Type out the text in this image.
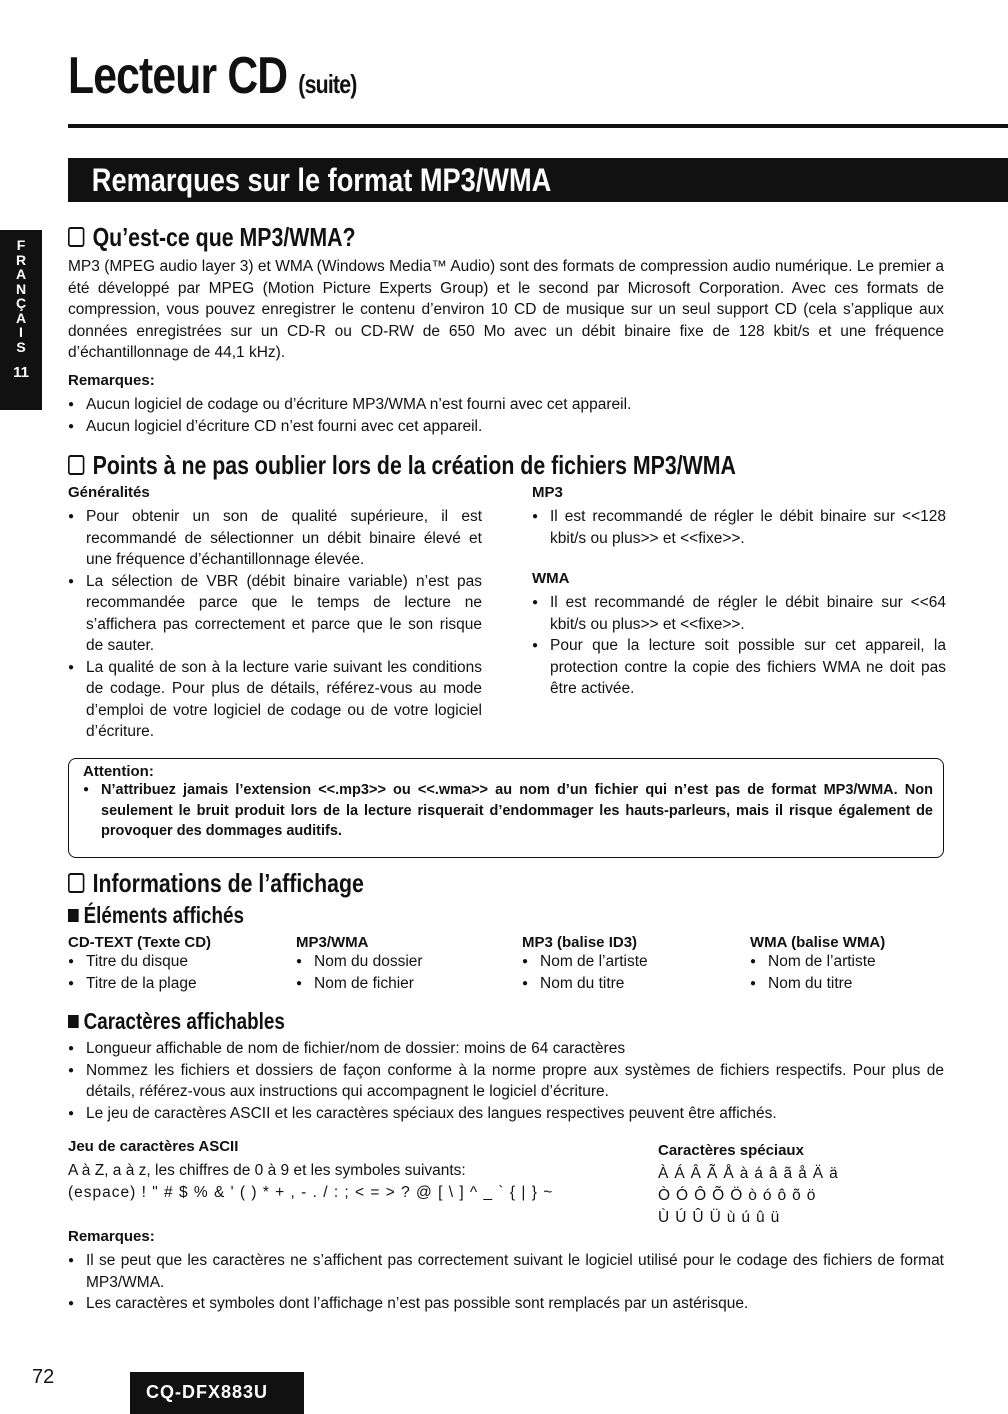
Lecteur CD (suite)
Remarques sur le format MP3/WMA
F
R
A
N
Ç
A
I
S
11
Qu’est-ce que MP3/WMA?
MP3 (MPEG audio layer 3) et WMA (Windows Media™ Audio) sont des formats de compression audio numérique. Le premier a été développé par MPEG (Motion Picture Experts Group) et le second par Microsoft Corporation. Avec ces formats de compression, vous pouvez enregistrer le contenu d’environ 10 CD de musique sur un seul support CD (cela s’applique aux données enregistrées sur un CD-R ou CD-RW de 650 Mo avec un débit binaire fixe de 128 kbit/s et une fréquence d’échantillonnage de 44,1 kHz).
Remarques:
● Aucun logiciel de codage ou d’écriture MP3/WMA n’est fourni avec cet appareil.
● Aucun logiciel d’écriture CD n’est fourni avec cet appareil.
Points à ne pas oublier lors de la création de fichiers MP3/WMA
Généralités
● Pour obtenir un son de qualité supérieure, il est recommandé de sélectionner un débit binaire élevé et une fréquence d’échantillonnage élevée.
● La sélection de VBR (débit binaire variable) n’est pas recommandée parce que le temps de lecture ne s’affichera pas correctement et parce que le son risque de sauter.
● La qualité de son à la lecture varie suivant les conditions de codage. Pour plus de détails, référez-vous au mode d’emploi de votre logiciel de codage ou de votre logiciel d’écriture.
MP3
● Il est recommandé de régler le débit binaire sur <<128 kbit/s ou plus>> et <<fixe>>.
WMA
● Il est recommandé de régler le débit binaire sur <<64 kbit/s ou plus>> et <<fixe>>.
● Pour que la lecture soit possible sur cet appareil, la protection contre la copie des fichiers WMA ne doit pas être activée.
Attention:
● N’attribuez jamais l’extension <<.mp3>> ou <<.wma>> au nom d’un fichier qui n’est pas de format MP3/WMA. Non seulement le bruit produit lors de la lecture risquerait d’endommager les hauts-parleurs, mais il risque également de provoquer des dommages auditifs.
Informations de l’affichage
Éléments affichés
CD-TEXT (Texte CD)
● Titre du disque
● Titre de la plage
MP3/WMA
● Nom du dossier
● Nom de fichier
MP3 (balise ID3)
● Nom de l’artiste
● Nom du titre
WMA (balise WMA)
● Nom de l’artiste
● Nom du titre
Caractères affichables
● Longueur affichable de nom de fichier/nom de dossier: moins de 64 caractères
● Nommez les fichiers et dossiers de façon conforme à la norme propre aux systèmes de fichiers respectifs. Pour plus de détails, référez-vous aux instructions qui accompagnent le logiciel d’écriture.
● Le jeu de caractères ASCII et les caractères spéciaux des langues respectives peuvent être affichés.
Jeu de caractères ASCII
A à Z, a à z, les chiffres de 0 à 9 et les symboles suivants:
(espace) ! " # $ % & ' ( ) * + , - . / : ; < = > ? @ [ \ ] ^ _ ` { | } ~
Caractères spéciaux
ÀÁÂÃÅàáâãåÄä
ÒÓÔÕÖòóôõö
ÙÚÛÜùúûü
Remarques:
● Il se peut que les caractères ne s’affichent pas correctement suivant le logiciel utilisé pour le codage des fichiers de format MP3/WMA.
● Les caractères et symboles dont l’affichage n’est pas possible sont remplacés par un astérisque.
72
CQ-DFX883U
